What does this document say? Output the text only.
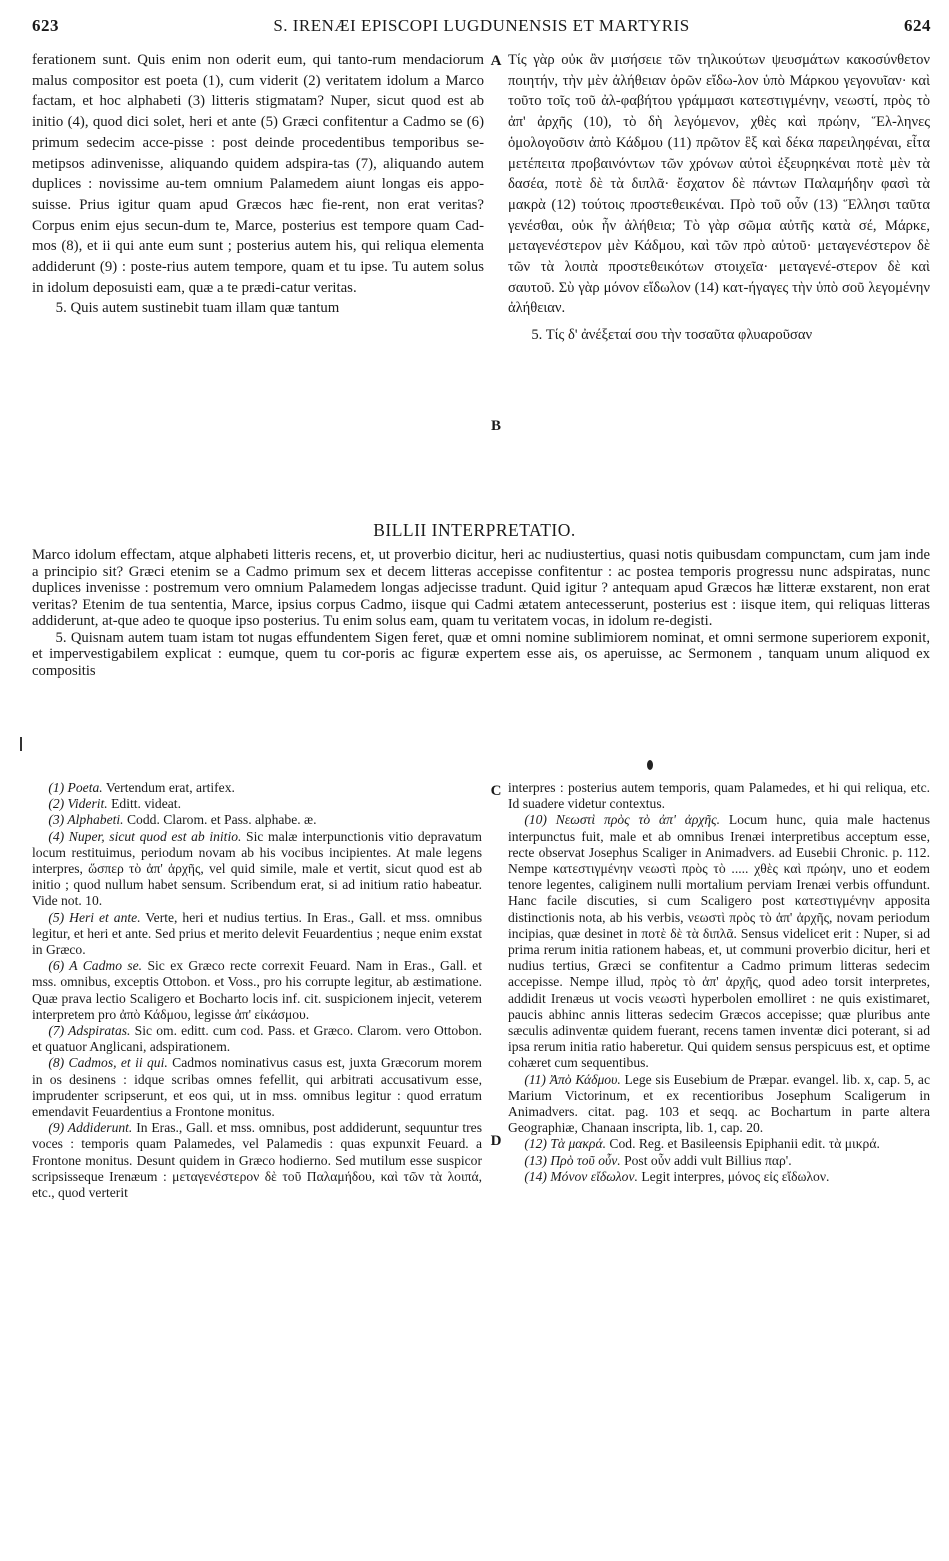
623	S. IRENÆI EPISCOPI LUGDUNENSIS ET MARTYRIS	624

ferationem sunt. Quis enim non oderit eum, qui tanto-rum mendaciorum malus compositor est poeta (1), cum viderit (2) veritatem idolum a Marco factam, et hoc alphabeti (3) litteris stigmatam? Nuper, sicut quod est ab initio (4), quod dici solet, heri et ante (5) Græci confitentur a Cadmo se (6) primum sedecim acce-pisse : post deinde procedentibus temporibus se-metipsos adinvenisse, aliquando quidem adspira-tas (7), aliquando autem duplices : novissime au-tem omnium Palamedem aiunt longas eis appo-suisse. Prius igitur quam apud Græcos hæc fie-rent, non erat veritas? Corpus enim ejus secun-dum te, Marce, posterius est tempore quam Cad-mos (8), et ii qui ante eum sunt ; posterius autem his, qui reliqua elementa addiderunt (9) : poste-rius autem tempore, quam et tu ipse. Tu autem solus in idolum deposuisti eam, quæ a te prædi-catur veritas.

5. Quis autem sustinebit tuam illam quæ tantum

Τίς γὰρ οὐκ ἂν μισήσειε τῶν τηλικούτων ψευσμάτων κακοσύνθετον ποιητήν, τὴν μὲν ἀλήθειαν ὁρῶν εἴδω-λον ὑπὸ Μάρκου γεγονυῖαν· καὶ τοῦτο τοῖς τοῦ ἀλ-φαβήτου γράμμασι κατεστιγμένην, νεωστί, πρὸς τὸ ἀπ' ἀρχῆς (10), τὸ δὴ λεγόμενον, χθὲς καὶ πρώην, Ἕλ-ληνες ὁμολογοῦσιν ἀπὸ Κάδμου (11) πρῶτον ἓξ καὶ δέκα παρειληφέναι, εἶτα μετέπειτα προβαινόντων τῶν χρόνων αὐτοὶ ἐξευρηκέναι ποτὲ μὲν τὰ δασέα, ποτὲ δὲ τὰ διπλᾶ· ἔσχατον δὲ πάντων Παλαμήδην φασὶ τὰ μακρὰ (12) τούτοις προστεθεικέναι. Πρὸ τοῦ οὖν (13) Ἕλλησι ταῦτα γενέσθαι, οὐκ ἦν ἀλήθεια; Τὸ γὰρ σῶμα αὐτῆς κατὰ σέ, Μάρκε, μεταγενέστερον μὲν Κάδμου, καὶ τῶν πρὸ αὐτοῦ· μεταγενέστερον δὲ τῶν τὰ λοιπὰ προστεθεικότων στοιχεῖα· μεταγενέ-στερον δὲ καὶ σαυτοῦ. Σὺ γὰρ μόνον εἴδωλον (14) κατ-ήγαγες τὴν ὑπὸ σοῦ λεγομένην ἀλήθειαν.

5. Τίς δ' ἀνέξεταί σου τὴν τοσαῦτα φλυαροῦσαν

A
B
BILLII INTERPRETATIO.

Marco idolum effectam, atque alphabeti litteris recens, et, ut proverbio dicitur, heri ac nudiustertius, quasi notis quibusdam compunctam, cum jam inde a principio sit? Græci etenim se a Cadmo primum sex et decem litteras accepisse confitentur : ac postea temporis progressu nunc adspiratas, nunc duplices invenisse : postremum vero omnium Palamedem longas adjecisse tradunt. Quid igitur ? antequam apud Græcos hæ litteræ exstarent, non erat veritas? Etenim de tua sententia, Marce, ipsius corpus Cadmo, iisque qui Cadmi ætatem antecesserunt, posterius est : iisque item, qui reliquas litteras addiderunt, at-que adeo te quoque ipso posterius. Tu enim solus eam, quam tu veritatem vocas, in idolum re-degisti.

5. Quisnam autem tuam istam tot nugas effundentem Sigen feret, quæ et omni nomine sublimiorem nominat, et omni sermone superiorem exponit, et impervestigabilem explicat : eumque, quem tu cor-poris ac figuræ expertem esse ais, os aperuisse, ac Sermonem , tanquam unum aliquod ex compositis

C
D

(1) Poeta. Vertendum erat, artifex.

(2) Viderit. Editt. videat.

(3) Alphabeti. Codd. Clarom. et Pass. alphabe. æ.

(4) Nuper, sicut quod est ab initio. Sic malæ interpunctionis vitio depravatum locum restituimus, periodum novam ab his vocibus incipientes. At male legens interpres, ὥσπερ τὸ ἀπ' ἀρχῆς, vel quid simile, male et vertit, sicut quod est ab initio ; quod nullum habet sensum. Scribendum erat, si ad initium ratio habeatur. Vide not. 10.

(5) Heri et ante. Verte, heri et nudius tertius. In Eras., Gall. et mss. omnibus legitur, et heri et ante. Sed prius et merito delevit Feuardentius ; neque enim exstat in Græco.

(6) A Cadmo se. Sic ex Græco recte correxit Feuard. Nam in Eras., Gall. et mss. omnibus, exceptis Ottobon. et Voss., pro his corrupte legitur, ab æstimatione. Quæ prava lectio Scaligero et Bocharto locis inf. cit. suspicionem injecit, veterem interpretem pro ἀπὸ Κάδμου, legisse ἀπ' εἰκάσμου.

(7) Adspiratas. Sic om. editt. cum cod. Pass. et Græco. Clarom. vero Ottobon. et quatuor Anglicani, adspirationem.

(8) Cadmos, et ii qui. Cadmos nominativus casus est, juxta Græcorum morem in os desinens : idque scribas omnes fefellit, qui arbitrati accusativum esse, imprudenter scripserunt, et eos qui, ut in mss. omnibus legitur : quod erratum emendavit Feuardentius a Frontone monitus.

(9) Addiderunt. In Eras., Gall. et mss. omnibus, post addiderunt, sequuntur tres voces : temporis quam Palamedes, vel Palamedis : quas expunxit Feuard. a Frontone monitus. Desunt quidem in Græco hodierno. Sed mutilum esse suspicor scripsisseque Irenæum : μεταγενέστερον δὲ τοῦ Παλαμήδου, καὶ τῶν τὰ λοιπά, etc., quod verterit

interpres : posterius autem temporis, quam Palamedes, et hi qui reliqua, etc. Id suadere videtur contextus.

(10) Νεωστὶ πρὸς τὸ ἀπ' ἀρχῆς. Locum hunc, quia male hactenus interpunctus fuit, male et ab omnibus Irenæi interpretibus acceptum esse, recte observat Josephus Scaliger in Animadvers. ad Eusebii Chronic. p. 112. Nempe κατεστιγμένην νεωστὶ πρὸς τὸ ..... χθὲς καὶ πρώην, uno et eodem tenore legentes, caliginem nulli mortalium perviam Irenæi verbis offundunt. Hanc facile discuties, si cum Scaligero post κατεστιγμένην apposita distinctionis nota, ab his verbis, νεωστὶ πρὸς τὸ ἀπ' ἀρχῆς, novam periodum incipias, quæ desinet in ποτὲ δὲ τὰ διπλᾶ. Sensus videlicet erit : Nuper, si ad prima rerum initia rationem habeas, et, ut communi proverbio dicitur, heri et nudius tertius, Græci se confitentur a Cadmo primum litteras sedecim accepisse. Nempe illud, πρὸς τὸ ἀπ' ἀρχῆς, quod adeo torsit interpretes, addidit Irenæus ut vocis νεωστὶ hyperbolen emolliret : ne quis existimaret, paucis abhinc annis litteras sedecim Græcos accepisse; quæ pluribus ante sæculis adinventæ quidem fuerant, recens tamen inventæ dici poterant, si ad ipsa rerum initia ratio haberetur. Qui quidem sensus perspicuus est, et optime cohæret cum sequentibus.

(11) Ἀπὸ Κάδμου. Lege sis Eusebium de Præpar. evangel. lib. x, cap. 5, ac Marium Victorinum, et ex recentioribus Josephum Scaligerum in Animadvers. citat. pag. 103 et seqq. ac Bochartum in parte altera Geographiæ, Chanaan inscripta, lib. 1, cap. 20.

(12) Τὰ μακρά. Cod. Reg. et Basileensis Epiphanii edit. τὰ μικρά.

(13) Πρὸ τοῦ οὖν. Post οὖν addi vult Billius παρ'.

(14) Μόνον εἴδωλον. Legit interpres, μόνος εἰς εἴδωλον.
